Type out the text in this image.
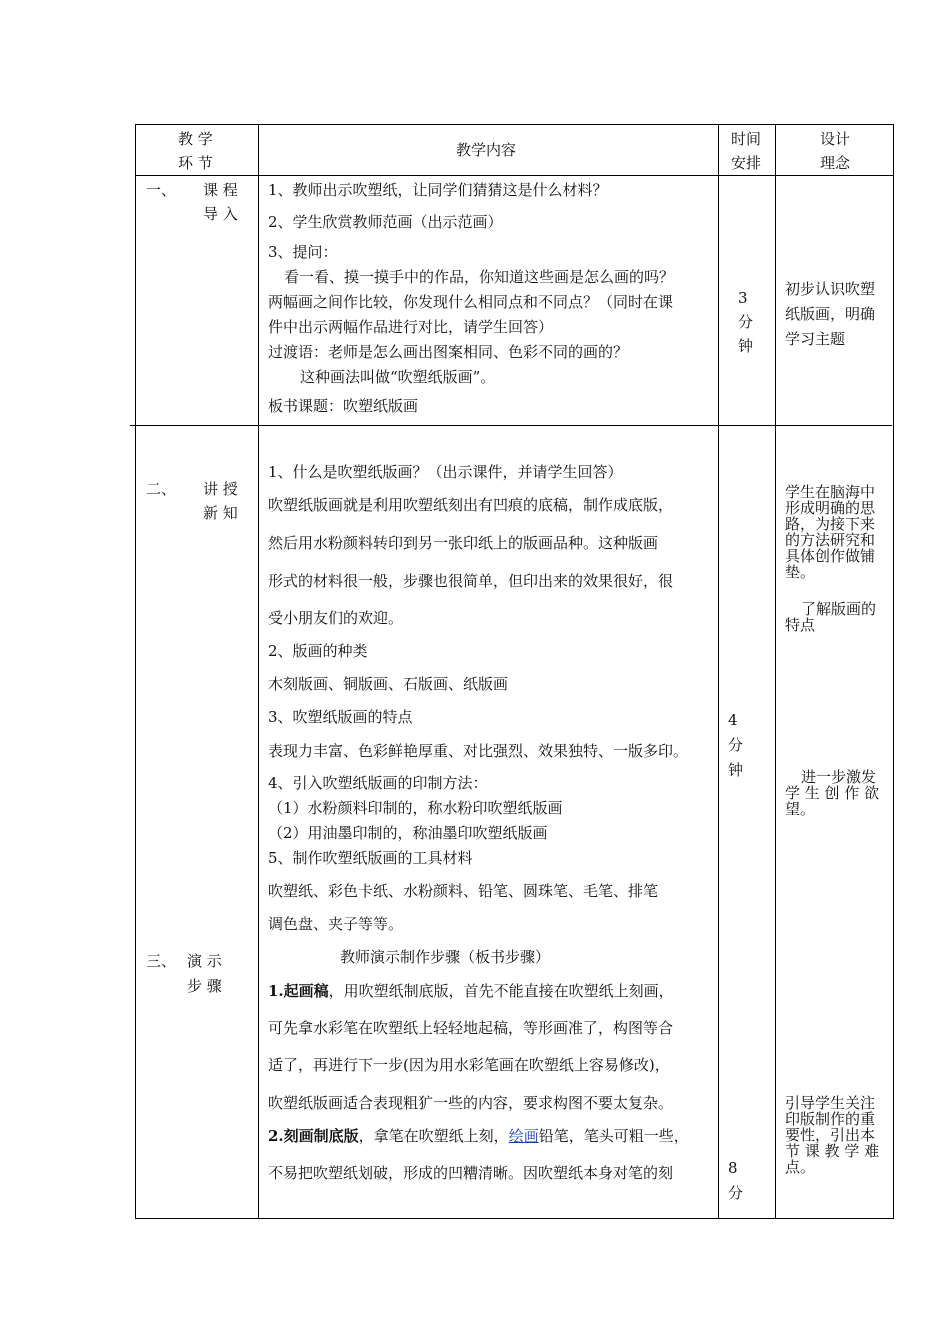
教 学
环 节
教学内容
时间
安排
设计
理念
一、 课 程
导 入
1、教师出示吹塑纸，让同学们猜猜这是什么材料？
2、学生欣赏教师范画（出示范画）
3、提问：
看一看、摸一摸手中的作品，你知道这些画是怎么画的吗？
两幅画之间作比较，你发现什么相同点和不同点？（同时在课
件中出示两幅作品进行对比，请学生回答）
过渡语：老师是怎么画出图案相同、色彩不同的画的？
这种画法叫做“吹塑纸版画”。
板书课题：吹塑纸版画
3
分
钟
初步认识吹塑
纸版画，明确
学习主题
二、 讲 授
新 知
三、 演 示
步 骤
1、什么是吹塑纸版画？（出示课件，并请学生回答）
吹塑纸版画就是利用吹塑纸刻出有凹痕的底稿，制作成底版，
然后用水粉颜料转印到另一张印纸上的版画品种。这种版画
形式的材料很一般，步骤也很简单，但印出来的效果很好，很
受小朋友们的欢迎。
2、版画的种类
木刻版画、铜版画、石版画、纸版画
3、吹塑纸版画的特点
表现力丰富、色彩鲜艳厚重、对比强烈、效果独特、一版多印。
4、引入吹塑纸版画的印制方法：
（1）水粉颜料印制的，称水粉印吹塑纸版画
（2）用油墨印制的，称油墨印吹塑纸版画
5、制作吹塑纸版画的工具材料
吹塑纸、彩色卡纸、水粉颜料、铅笔、圆珠笔、毛笔、排笔
调色盘、夹子等等。
教师演示制作步骤（板书步骤）
1.起画稿，用吹塑纸制底版，首先不能直接在吹塑纸上刻画，
可先拿水彩笔在吹塑纸上轻轻地起稿，等形画准了，构图等合
适了，再进行下一步(因为用水彩笔画在吹塑纸上容易修改)，
吹塑纸版画适合表现粗犷一些的内容，要求构图不要太复杂。
2.刻画制底版，拿笔在吹塑纸上刻，绘画铅笔，笔头可粗一些，
不易把吹塑纸划破，形成的凹糟清晰。因吹塑纸本身对笔的刻
4
分
钟
8
分
学生在脑海中
形成明确的思
路，为接下来
的方法研究和
具体创作做铺
垫。
了解版画的
特点
进一步激发
学 生 创 作 欲
望。
引导学生关注
印版制作的重
要性，引出本
节 课 教 学 难
点。
